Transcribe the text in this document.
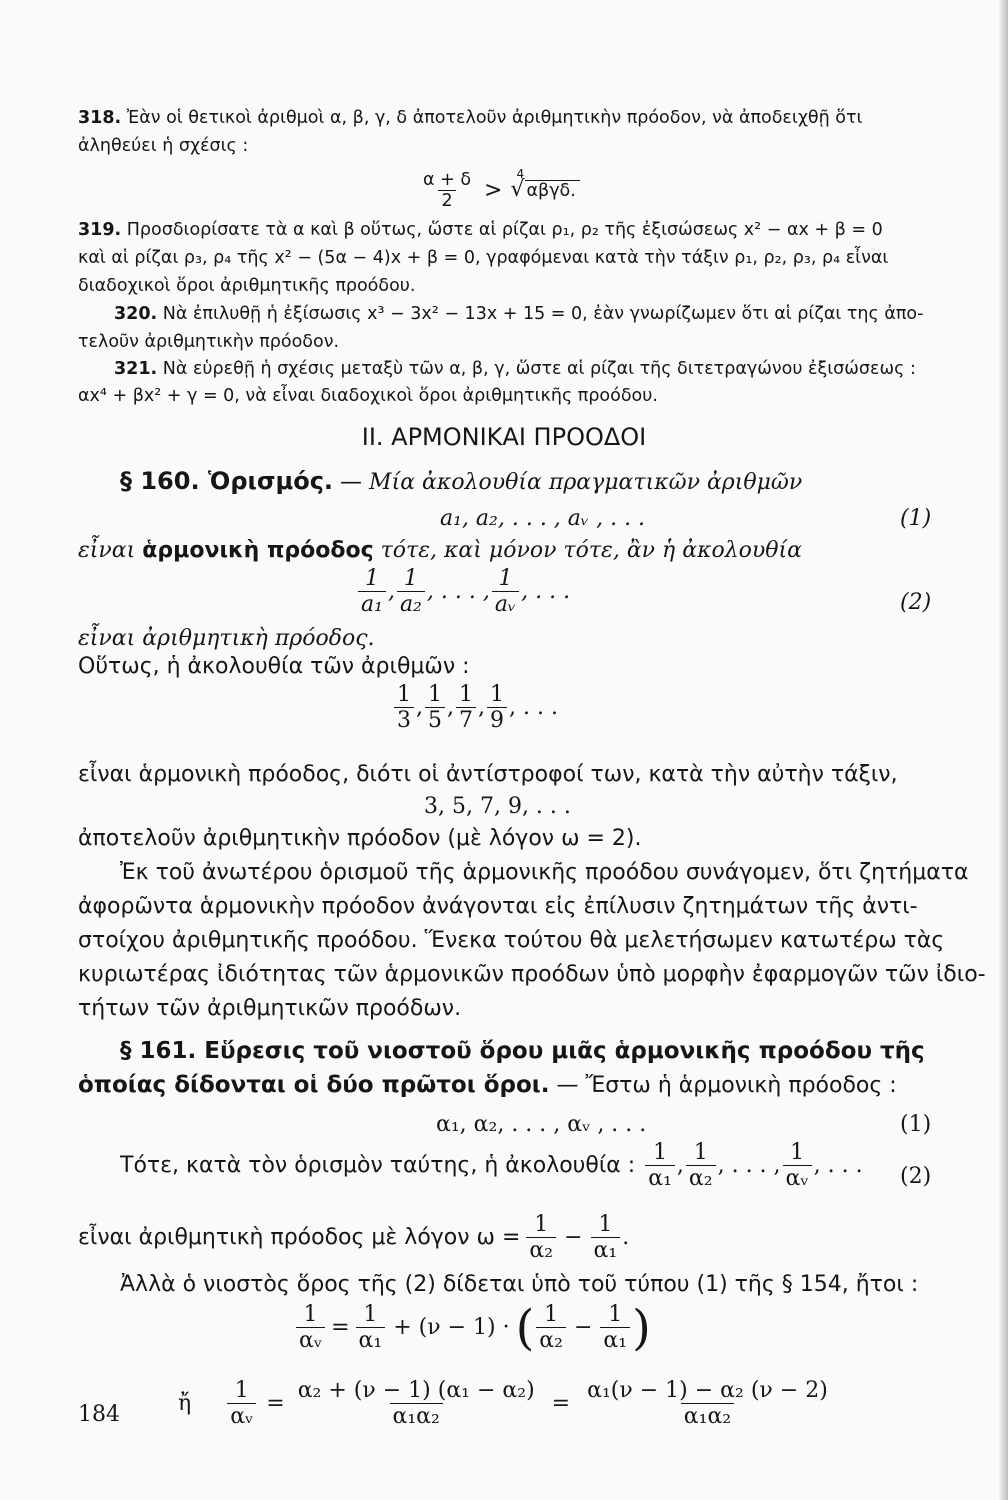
318. Ἐὰν οἱ θετικοὶ ἀριθμοὶ α, β, γ, δ ἀποτελοῦν ἀριθμητικὴν πρόοδον, νὰ ἀποδειχθῇ ὅτι
ἀληθεύει ἡ σχέσις :
$\frac{\alpha + \delta}{2}$ >
4
√ αβγδ.
319. Προσδιορίσατε τὰ α καὶ β οὕτως, ὥστε αἱ ρίζαι ρ₁, ρ₂ τῆς ἐξισώσεως x² − αx + β = 0
καὶ αἱ ρίζαι ρ₃, ρ₄ τῆς x² − (5α − 4)x + β = 0, γραφόμεναι κατὰ τὴν τάξιν ρ₁, ρ₂, ρ₃, ρ₄ εἶναι
διαδοχικοὶ ὅροι ἀριθμητικῆς προόδου.
320. Νὰ ἐπιλυθῇ ἡ ἐξίσωσις x³ − 3x² − 13x + 15 = 0, ἐὰν γνωρίζωμεν ὅτι αἱ ρίζαι της ἀπο-
τελοῦν ἀριθμητικὴν πρόοδον.
321. Νὰ εὑρεθῇ ἡ σχέσις μεταξὺ τῶν α, β, γ, ὥστε αἱ ρίζαι τῆς διτετραγώνου ἐξισώσεως :
αx⁴ + βx² + γ = 0, νὰ εἶναι διαδοχικοὶ ὅροι ἀριθμητικῆς προόδου.
II. ΑΡΜΟΝΙΚΑΙ ΠΡΟΟΔΟΙ
§ 160. Ὁρισμός. — Μία ἀκολουθία πραγματικῶν ἀριθμῶν
a₁, a₂, . . . , aᵥ , . . .	(1)
εἶναι ἁρμονικὴ πρόοδος τότε, καὶ μόνον τότε, ἂν ἡ ἀκολουθία
$\frac{1}{\text{a₁}}$ , $\frac{1}{\text{a₂}}$ , . . . , $\frac{1}{\text{aᵥ}}$ , . . .	(2)
εἶναι ἀριθμητικὴ πρόοδος.
Οὕτως, ἡ ἀκολουθία τῶν ἀριθμῶν :
$\frac{1}{3}$ , $\frac{1}{5}$ , $\frac{1}{7}$ , $\frac{1}{9}$ , . . .
εἶναι ἁρμονικὴ πρόοδος, διότι οἱ ἀντίστροφοί των, κατὰ τὴν αὐτὴν τάξιν,
3, 5, 7, 9, . . .
ἀποτελοῦν ἀριθμητικὴν πρόοδον (μὲ λόγον ω = 2).
Ἐκ τοῦ ἀνωτέρου ὁρισμοῦ τῆς ἁρμονικῆς προόδου συνάγομεν, ὅτι ζητήματα
ἀφορῶντα ἁρμονικὴν πρόοδον ἀνάγονται εἰς ἐπίλυσιν ζητημάτων τῆς ἀντι-
στοίχου ἀριθμητικῆς προόδου. Ἕνεκα τούτου θὰ μελετήσωμεν κατωτέρω τὰς
κυριωτέρας ἰδιότητας τῶν ἁρμονικῶν προόδων ὑπὸ μορφὴν ἐφαρμογῶν τῶν ἰδιο-
τήτων τῶν ἀριθμητικῶν προόδων.
§ 161. Εὕρεσις τοῦ νιοστοῦ ὅρου μιᾶς ἁρμονικῆς προόδου τῆς
ὁποίας δίδονται οἱ δύο πρῶτοι ὅροι. — Ἔστω ἡ ἁρμονικὴ πρόοδος :
α₁, α₂, . . . , αᵥ , . . .	(1)
Τότε, κατὰ τὸν ὁρισμὸν ταύτης, ἡ ἀκολουθία : $\frac{1}{\text{α₁}}$ , $\frac{1}{\text{α₂}}$ , . . . , $\frac{1}{\text{αᵥ}}$ , . . . (2)
εἶναι ἀριθμητικὴ πρόοδος μὲ λόγον $\omega = \frac{1}{\text{α₂}} - \frac{1}{\text{α₁}}$ .
Ἀλλὰ ὁ νιοστὸς ὅρος τῆς (2) δίδεται ὑπὸ τοῦ τύπου (1) τῆς § 154, ἤτοι :
$\frac{1}{\text{αᵥ}} = \frac{1}{\text{α₁}} + (\nu - 1)$ · ( $\frac{1}{\text{α₂}} - \frac{1}{\text{α₁}}$ )
ἤ $\frac{1}{\text{αᵥ}} = \frac{\text{α₂ + (ν − 1) (α₁ − α₂)}}{\text{α₁α₂}} = \frac{\text{α₁(ν − 1) − α₂ (ν − 2)}}{\text{α₁α₂}}$
184
